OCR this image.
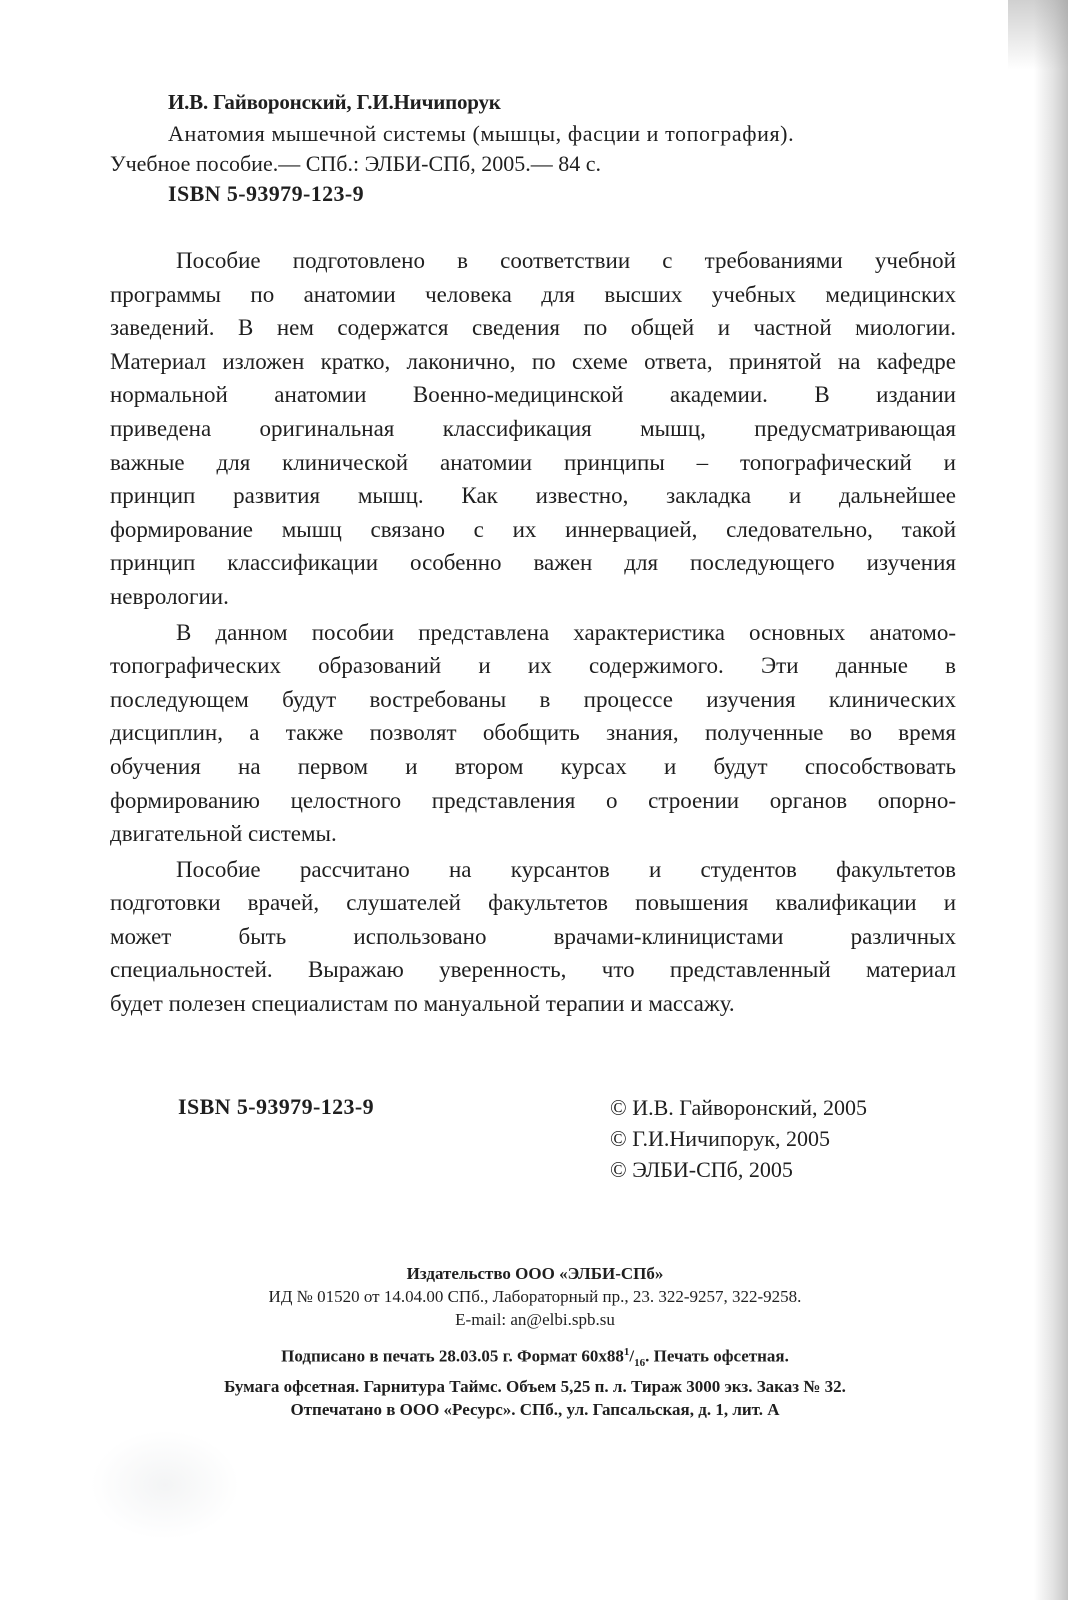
И.В. Гайворонский, Г.И.Ничипорук
Анатомия мышечной системы (мышцы, фасции и топография).
Учебное пособие.— СПб.: ЭЛБИ-СПб, 2005.— 84 с.
ISBN 5-93979-123-9
Пособие подготовлено в соответствии с требованиями учебной
программы по анатомии человека для высших учебных медицинских
заведений. В нем содержатся сведения по общей и частной миологии.
Материал изложен кратко, лаконично, по схеме ответа, принятой на кафедре
нормальной анатомии Военно-медицинской академии. В издании
приведена оригинальная классификация мышц, предусматривающая
важные для клинической анатомии принципы – топографический и
принцип развития мышц. Как известно, закладка и дальнейшее
формирование мышц связано с их иннервацией, следовательно, такой
принцип классификации особенно важен для последующего изучения
неврологии.
В данном пособии представлена характеристика основных анатомо-
топографических образований и их содержимого. Эти данные в
последующем будут востребованы в процессе изучения клинических
дисциплин, а также позволят обобщить знания, полученные во время
обучения на первом и втором курсах и будут способствовать
формированию целостного представления о строении органов опорно-
двигательной системы.
Пособие рассчитано на курсантов и студентов факультетов
подготовки врачей, слушателей факультетов повышения квалификации и
может быть использовано врачами-клиницистами различных
специальностей. Выражаю уверенность, что представленный материал
будет полезен специалистам по мануальной терапии и массажу.
ISBN 5-93979-123-9	© И.В. Гайворонский, 2005
© Г.И.Ничипорук, 2005
© ЭЛБИ-СПб, 2005
Издательство ООО «ЭЛБИ-СПб»
ИД № 01520 от 14.04.00 СПб., Лабораторный пр., 23. 322-9257, 322-9258.
E-mail: an@elbi.spb.su
Подписано в печать 28.03.05 г. Формат $60х88^1/_{16}$. Печать офсетная.
Бумага офсетная. Гарнитура Таймс. Объем 5,25 п. л. Тираж 3000 экз. Заказ № 32.
Отпечатано в ООО «Ресурс». СПб., ул. Гапсальская, д. 1, лит. А
